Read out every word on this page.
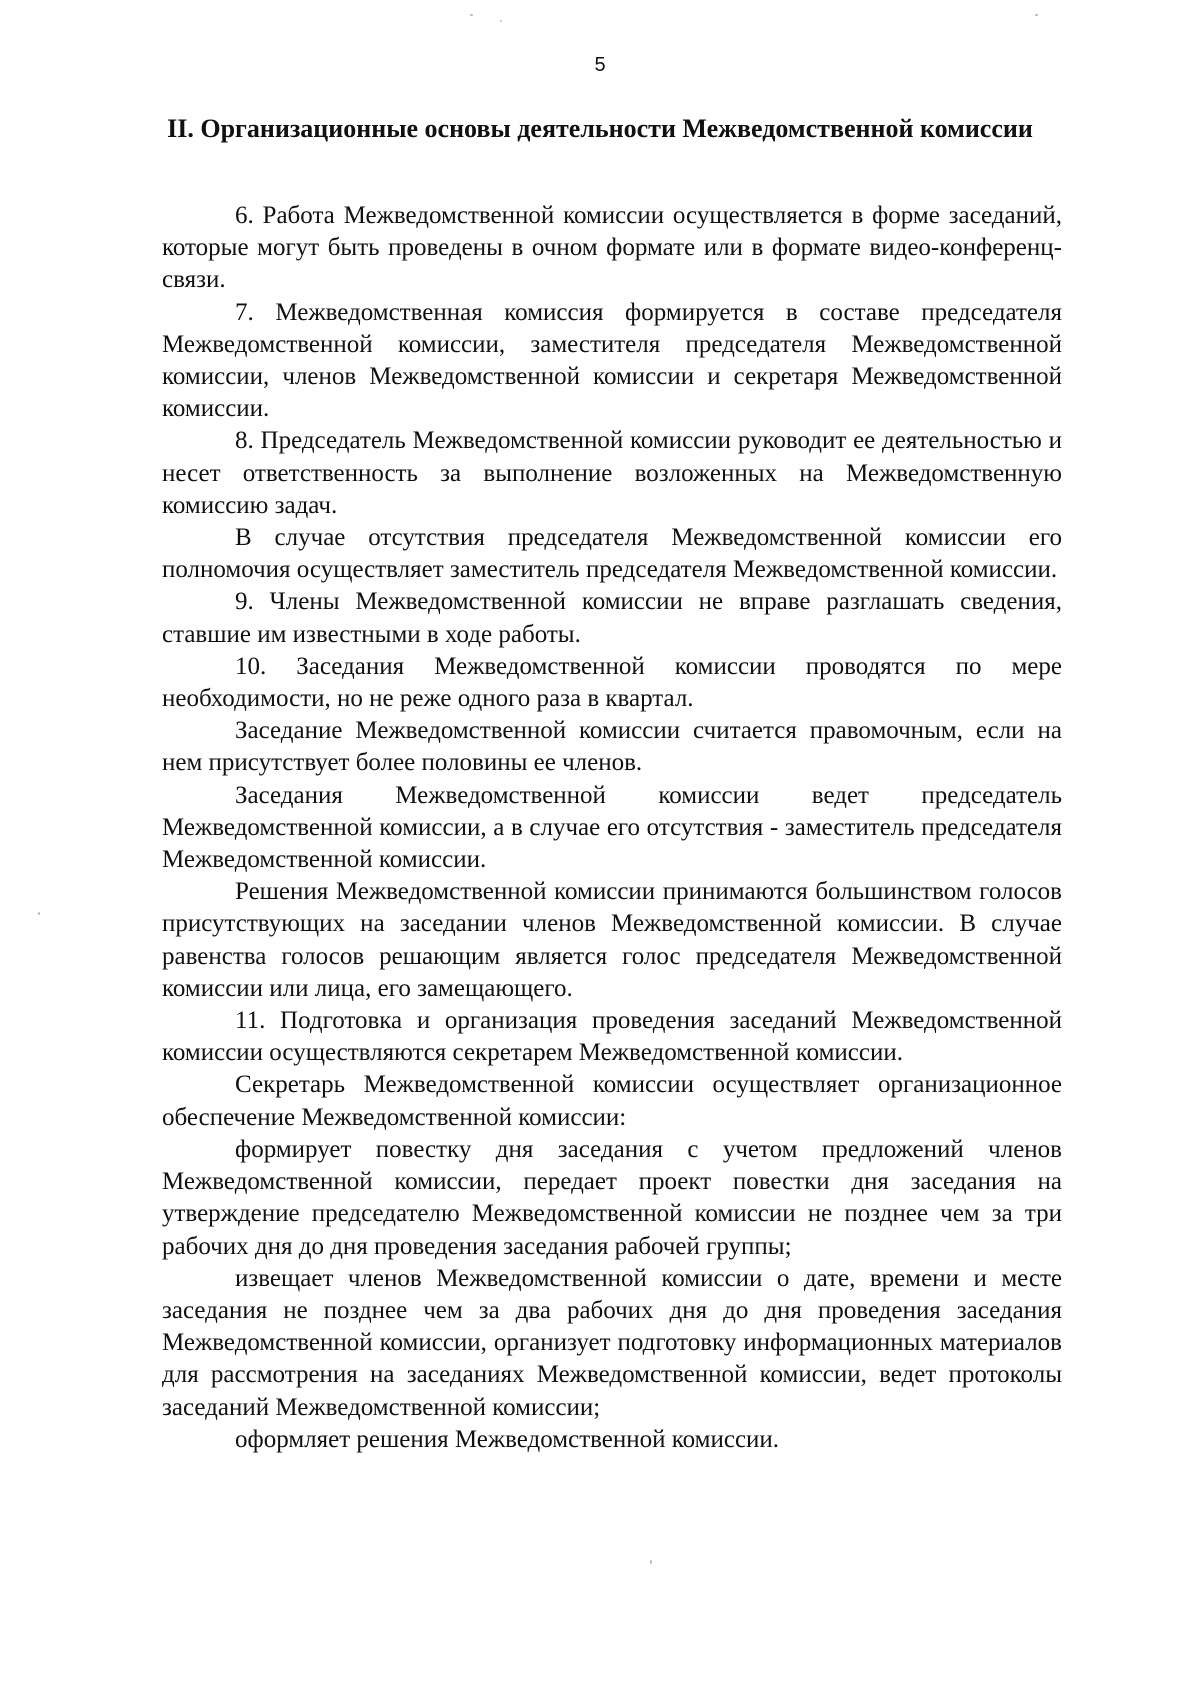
5
II. Организационные основы деятельности Межведомственной комиссии

6. Работа Межведомственной комиссии осуществляется в форме заседаний, которые могут быть проведены в очном формате или в формате видео-конференц-связи.

7. Межведомственная комиссия формируется в составе председателя Межведомственной комиссии, заместителя председателя Межведомственной комиссии, членов Межведомственной комиссии и секретаря Межведомственной комиссии.

8. Председатель Межведомственной комиссии руководит ее деятельностью и несет ответственность за выполнение возложенных на Межведомственную комиссию задач.

В случае отсутствия председателя Межведомственной комиссии его полномочия осуществляет заместитель председателя Межведомственной комиссии.

9. Члены Межведомственной комиссии не вправе разглашать сведения, ставшие им известными в ходе работы.

10. Заседания Межведомственной комиссии проводятся по мере необходимости, но не реже одного раза в квартал.

Заседание Межведомственной комиссии считается правомочным, если на нем присутствует более половины ее членов.

Заседания Межведомственной комиссии ведет председатель Межведомственной комиссии, а в случае его отсутствия - заместитель председателя Межведомственной комиссии.

Решения Межведомственной комиссии принимаются большинством голосов присутствующих на заседании членов Межведомственной комиссии. В случае равенства голосов решающим является голос председателя Межведомственной комиссии или лица, его замещающего.

11. Подготовка и организация проведения заседаний Межведомственной комиссии осуществляются секретарем Межведомственной комиссии.

Секретарь Межведомственной комиссии осуществляет организационное обеспечение Межведомственной комиссии:

формирует повестку дня заседания с учетом предложений членов Межведомственной комиссии, передает проект повестки дня заседания на утверждение председателю Межведомственной комиссии не позднее чем за три рабочих дня до дня проведения заседания рабочей группы;

извещает членов Межведомственной комиссии о дате, времени и месте заседания не позднее чем за два рабочих дня до дня проведения заседания Межведомственной комиссии, организует подготовку информационных материалов для рассмотрения на заседаниях Межведомственной комиссии, ведет протоколы заседаний Межведомственной комиссии;

оформляет решения Межведомственной комиссии.
